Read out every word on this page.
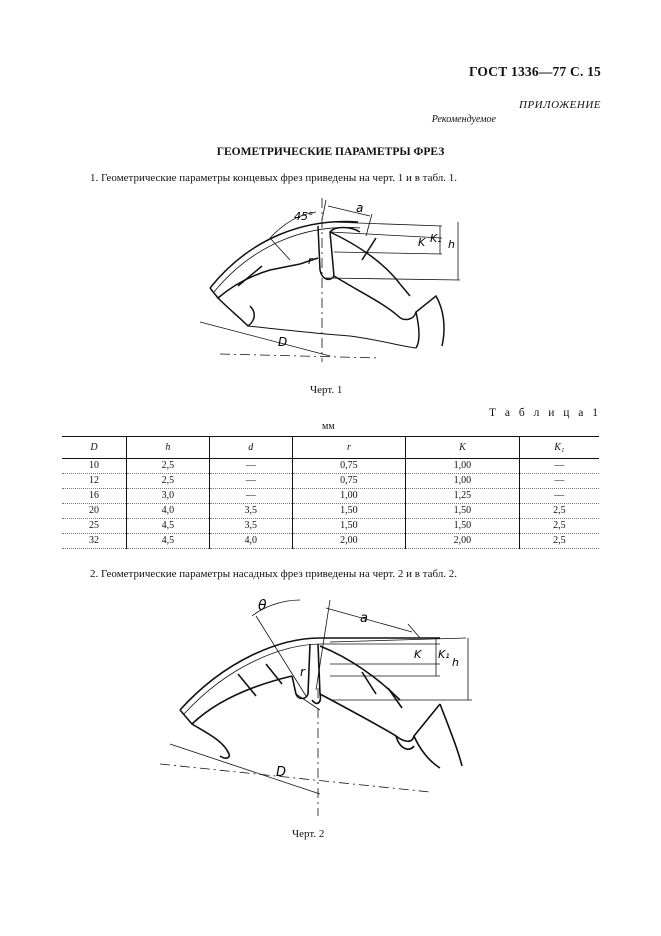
ГОСТ 1336—77 С. 15
ПРИЛОЖЕНИЕ
Рекомендуемое
ГЕОМЕТРИЧЕСКИЕ ПАРАМЕТРЫ ФРЕЗ
1. Геометрические параметры концевых фрез приведены на черт. 1 и в табл. 1.
45°
a
K K₁ h
r
D
Черт. 1
Т а б л и ц а 1
мм
D	h	d	r	K	K₁
10	2,5	—	0,75	1,00	—
12	2,5	—	0,75	1,00	—
16	3,0	—	1,00	1,25	—
20	4,0	3,5	1,50	1,50	2,5
25	4,5	3,5	1,50	1,50	2,5
32	4,5	4,0	2,00	2,00	2,5
2. Геометрические параметры насадных фрез приведены на черт. 2 и в табл. 2.
θ
a
K K₁
h
r
D
Черт. 2
